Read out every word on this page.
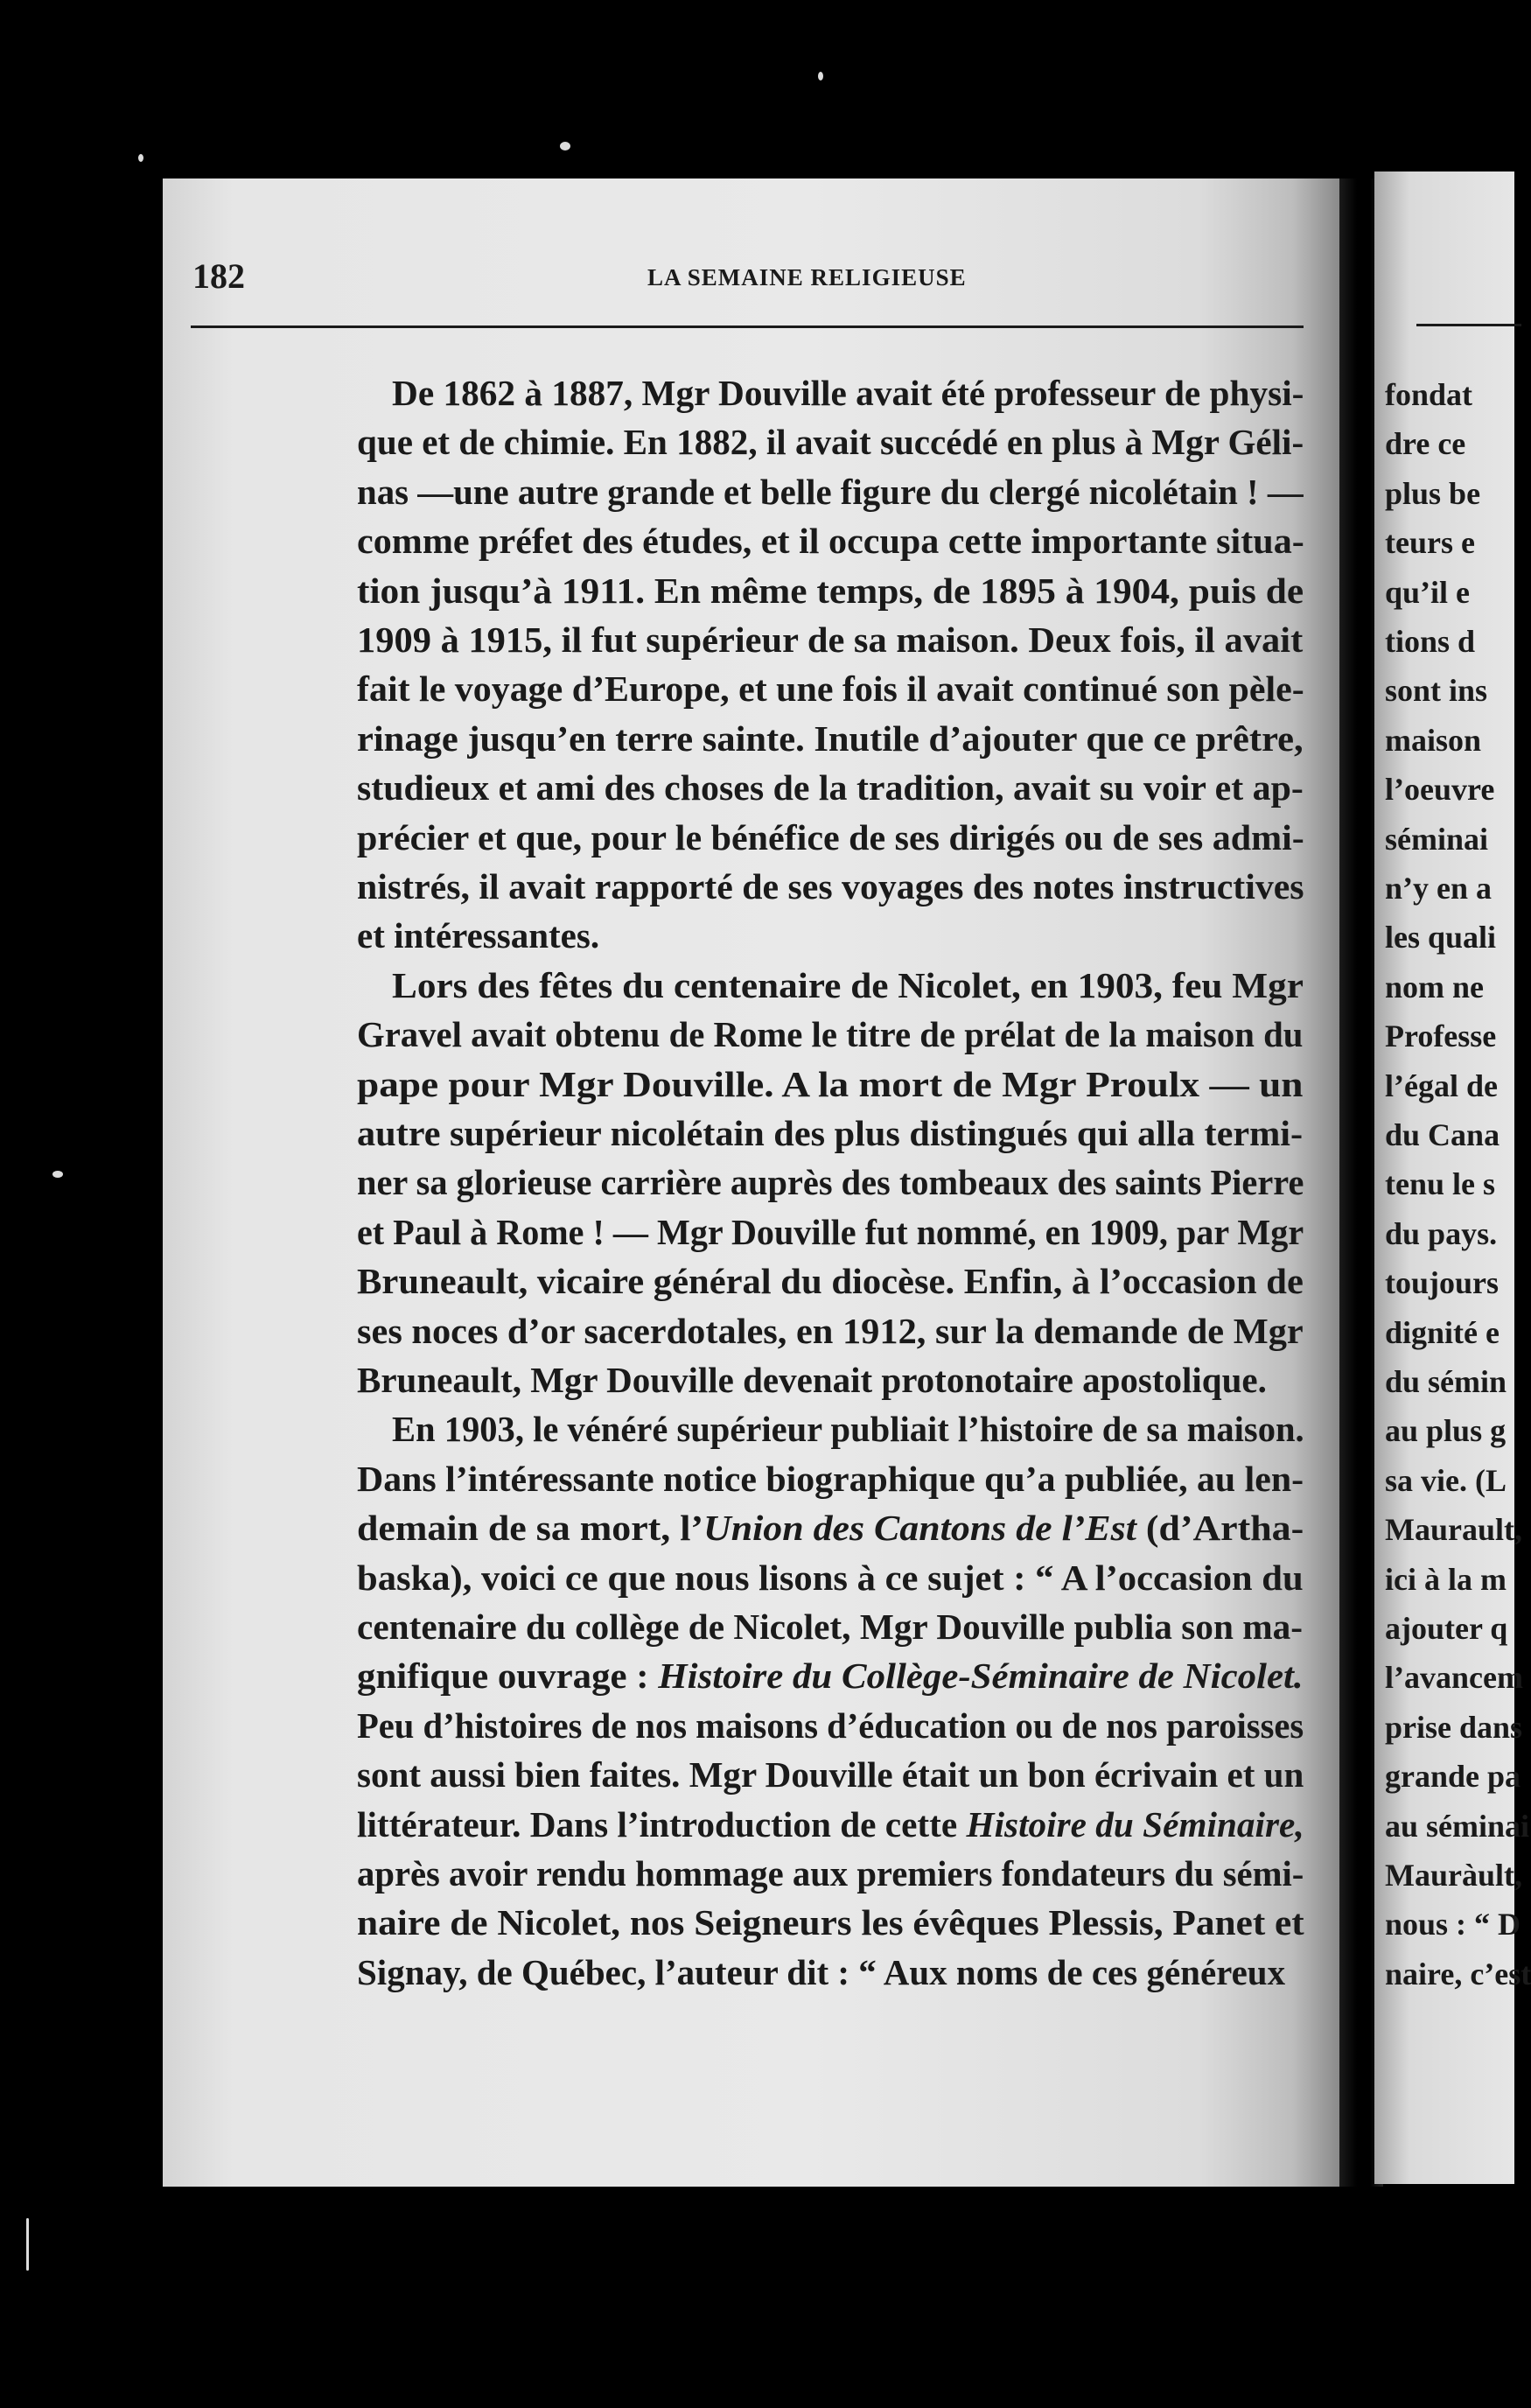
fondat
dre ce
plus be
teurs e
qu’il e
tions d
sont ins
maison
l’oeuvre
séminai
n’y en a
les quali
nom ne
Professe
l’égal de
du Cana
tenu le s
du pays.
toujours
dignité e
du sémin
au plus g
sa vie. (L
Maurault,
ici à la m
ajouter q
l’avancem
prise dans
grande pa
au séminai
Mauràult,
nous : “ D
naire, c’est
182	LA SEMAINE RELIGIEUSE
De 1862 à 1887, Mgr Douville avait été professeur de physi-
que et de chimie. En 1882, il avait succédé en plus à Mgr Géli-
nas —une autre grande et belle figure du clergé nicolétain ! —
comme préfet des études, et il occupa cette importante situa-
tion jusqu’à 1911. En même temps, de 1895 à 1904, puis de
1909 à 1915, il fut supérieur de sa maison. Deux fois, il avait
fait le voyage d’Europe, et une fois il avait continué son pèle-
rinage jusqu’en terre sainte. Inutile d’ajouter que ce prêtre,
studieux et ami des choses de la tradition, avait su voir et ap-
précier et que, pour le bénéfice de ses dirigés ou de ses admi-
nistrés, il avait rapporté de ses voyages des notes instructives
et intéressantes.
Lors des fêtes du centenaire de Nicolet, en 1903, feu Mgr
Gravel avait obtenu de Rome le titre de prélat de la maison du
pape pour Mgr Douville. A la mort de Mgr Proulx — un
autre supérieur nicolétain des plus distingués qui alla termi-
ner sa glorieuse carrière auprès des tombeaux des saints Pierre
et Paul à Rome ! — Mgr Douville fut nommé, en 1909, par Mgr
Bruneault, vicaire général du diocèse. Enfin, à l’occasion de
ses noces d’or sacerdotales, en 1912, sur la demande de Mgr
Bruneault, Mgr Douville devenait protonotaire apostolique.
En 1903, le vénéré supérieur publiait l’histoire de sa maison.
Dans l’intéressante notice biographique qu’a publiée, au len-
demain de sa mort, l’Union des Cantons de l’Est (d’Artha-
baska), voici ce que nous lisons à ce sujet : “ A l’occasion du
centenaire du collège de Nicolet, Mgr Douville publia son ma-
gnifique ouvrage : Histoire du Collège-Séminaire de Nicolet.
Peu d’histoires de nos maisons d’éducation ou de nos paroisses
sont aussi bien faites. Mgr Douville était un bon écrivain et un
littérateur. Dans l’introduction de cette Histoire du Séminaire,
après avoir rendu hommage aux premiers fondateurs du sémi-
naire de Nicolet, nos Seigneurs les évêques Plessis, Panet et
Signay, de Québec, l’auteur dit : “ Aux noms de ces généreux
